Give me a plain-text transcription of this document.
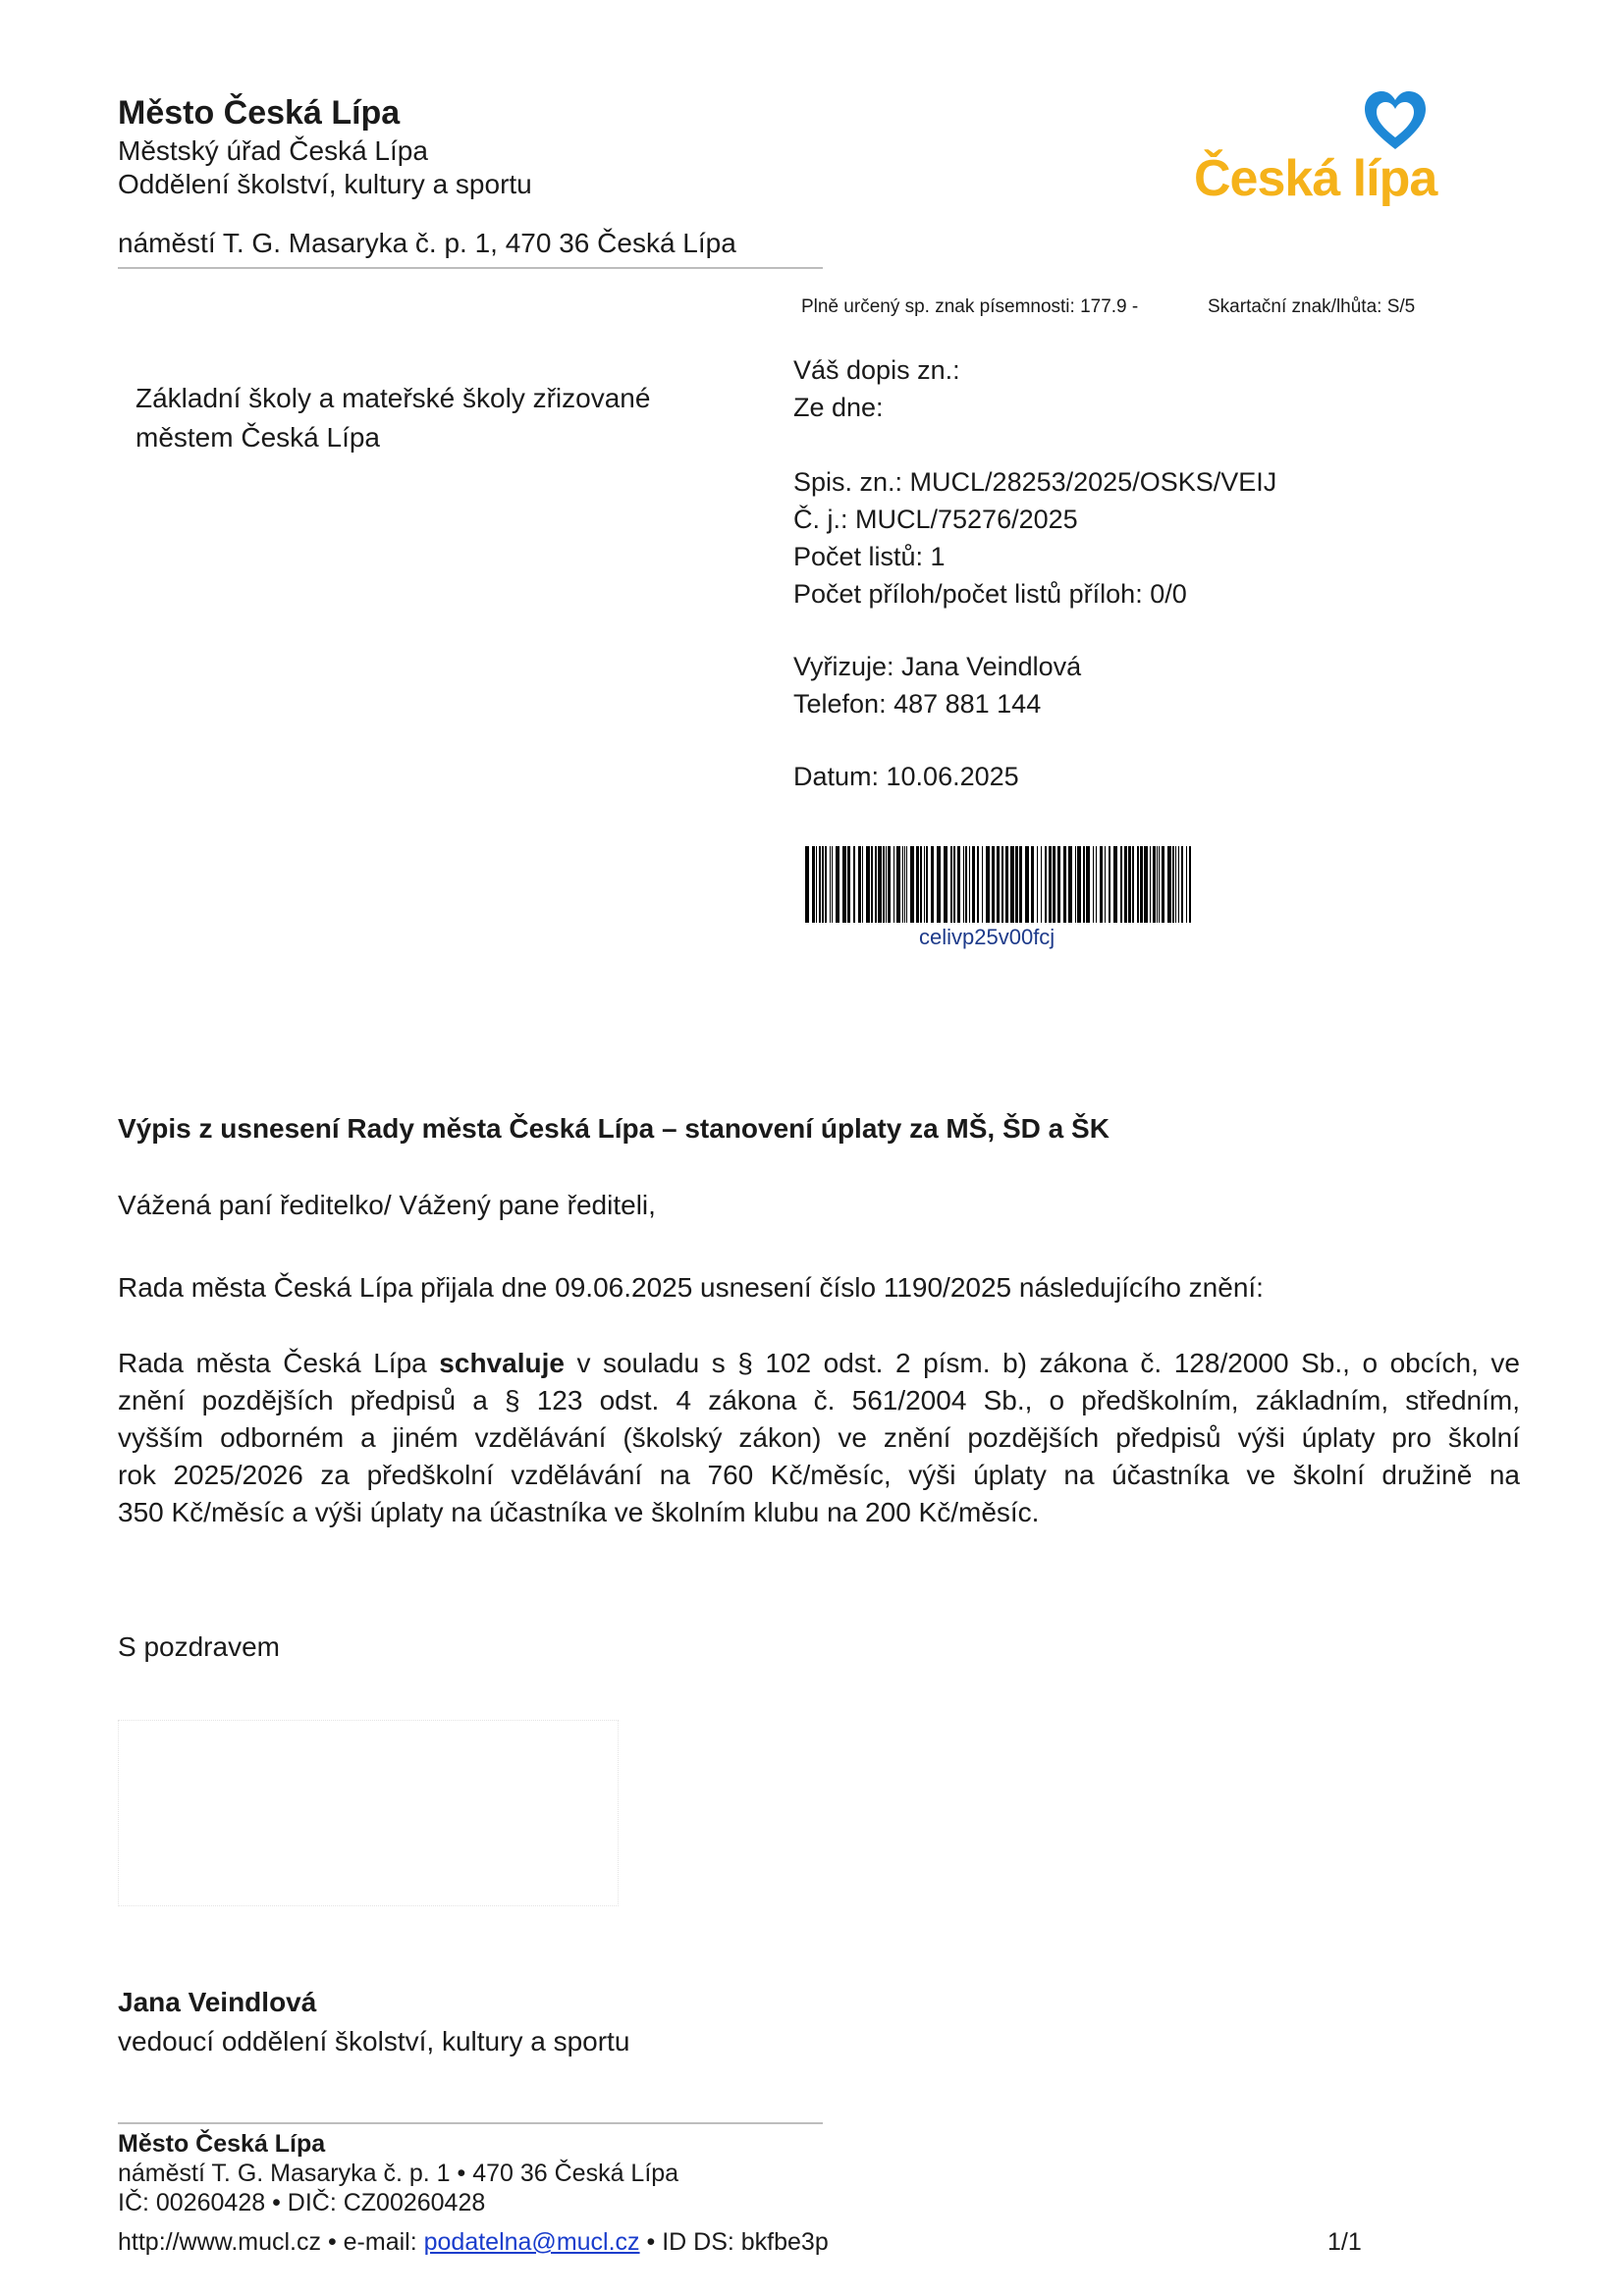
Město Česká Lípa
Městský úřad Česká Lípa
Oddělení školství, kultury a sportu
náměstí T. G. Masaryka č. p. 1, 470 36 Česká Lípa
Česká lípa
Plně určený sp. znak písemnosti: 177.9 -	Skartační znak/lhůta: S/5
Základní školy a mateřské školy zřizované
městem Česká Lípa
Váš dopis zn.:
Ze dne:
Spis. zn.: MUCL/28253/2025/OSKS/VEIJ
Č. j.: MUCL/75276/2025
Počet listů: 1
Počet příloh/počet listů příloh: 0/0
Vyřizuje: Jana Veindlová
Telefon: 487 881 144
Datum: 10.06.2025
celivp25v00fcj
Výpis z usnesení Rady města Česká Lípa – stanovení úplaty za MŠ, ŠD a ŠK
Vážená paní ředitelko/ Vážený pane řediteli,
Rada města Česká Lípa přijala dne 09.06.2025 usnesení číslo 1190/2025 následujícího znění:
Rada města Česká Lípa schvaluje v souladu s § 102 odst. 2 písm. b) zákona č. 128/2000 Sb., o obcích, ve
znění pozdějších předpisů a § 123 odst. 4 zákona č. 561/2004 Sb., o předškolním, základním, středním,
vyšším odborném a jiném vzdělávání (školský zákon) ve znění pozdějších předpisů výši úplaty pro školní
rok 2025/2026 za předškolní vzdělávání na 760 Kč/měsíc, výši úplaty na účastníka ve školní družině na
350 Kč/měsíc a výši úplaty na účastníka ve školním klubu na 200 Kč/měsíc.
S pozdravem
Jana Veindlová
vedoucí oddělení školství, kultury a sportu
Město Česká Lípa
náměstí T. G. Masaryka č. p. 1 • 470 36 Česká Lípa
IČ: 00260428 • DIČ: CZ00260428
http://www.mucl.cz • e-mail: podatelna@mucl.cz • ID DS: bkfbe3p	1/1
